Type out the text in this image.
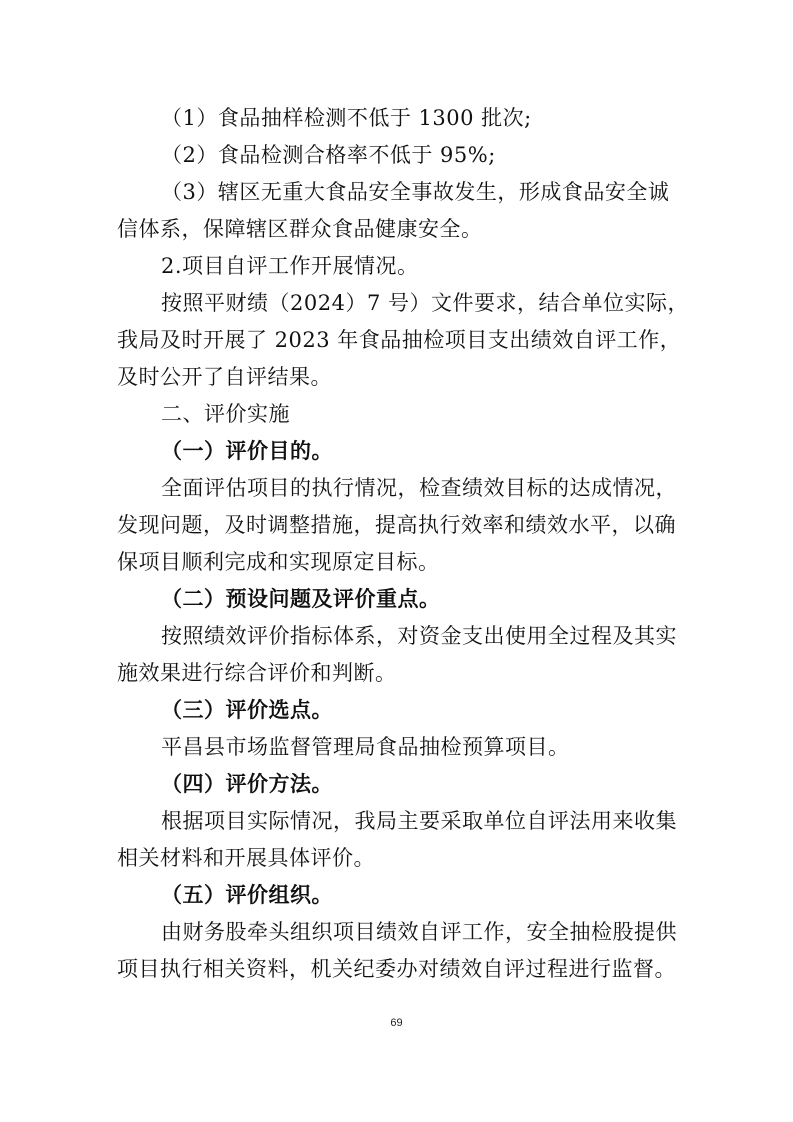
（1）食品抽样检测不低于 1300 批次;
（2）食品检测合格率不低于 95%;
（3）辖区无重大食品安全事故发生，形成食品安全诚
信体系，保障辖区群众食品健康安全。
2.项目自评工作开展情况。
按照平财绩（2024）7 号）文件要求，结合单位实际，
我局及时开展了 2023 年食品抽检项目支出绩效自评工作，
及时公开了自评结果。
二、评价实施
（一）评价目的。
全面评估项目的执行情况，检查绩效目标的达成情况，
发现问题，及时调整措施，提高执行效率和绩效水平，以确
保项目顺利完成和实现原定目标。
（二）预设问题及评价重点。
按照绩效评价指标体系，对资金支出使用全过程及其实
施效果进行综合评价和判断。
（三）评价选点。
平昌县市场监督管理局食品抽检预算项目。
（四）评价方法。
根据项目实际情况，我局主要采取单位自评法用来收集
相关材料和开展具体评价。
（五）评价组织。
由财务股牵头组织项目绩效自评工作，安全抽检股提供
项目执行相关资料，机关纪委办对绩效自评过程进行监督。
69
